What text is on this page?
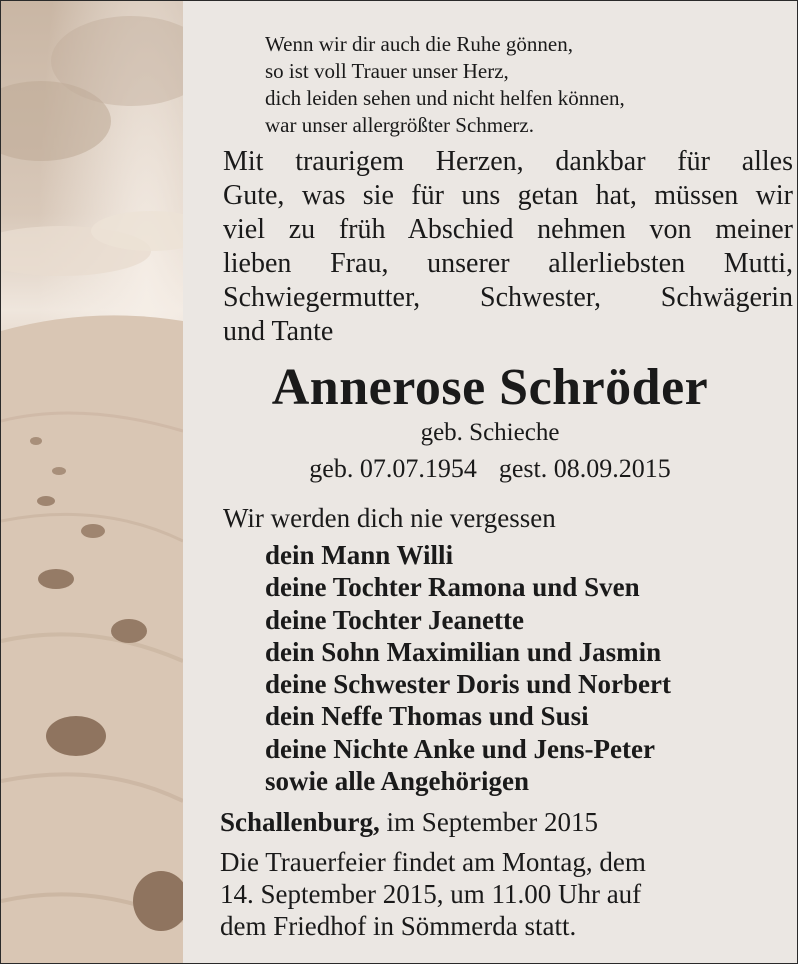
Wenn wir dir auch die Ruhe gönnen,
so ist voll Trauer unser Herz,
dich leiden sehen und nicht helfen können,
war unser allergrößter Schmerz.
Mit traurigem Herzen, dankbar für alles
Gute, was sie für uns getan hat, müssen wir
viel zu früh Abschied nehmen von meiner
lieben Frau, unserer allerliebsten Mutti,
Schwiegermutter, Schwester, Schwägerin
und Tante
Annerose Schröder
geb. Schieche
geb. 07.07.1954 gest. 08.09.2015
Wir werden dich nie vergessen
dein Mann Willi
deine Tochter Ramona und Sven
deine Tochter Jeanette
dein Sohn Maximilian und Jasmin
deine Schwester Doris und Norbert
dein Neffe Thomas und Susi
deine Nichte Anke und Jens-Peter
sowie alle Angehörigen
Schallenburg, im September 2015
Die Trauerfeier findet am Montag, dem
14. September 2015, um 11.00 Uhr auf
dem Friedhof in Sömmerda statt.
